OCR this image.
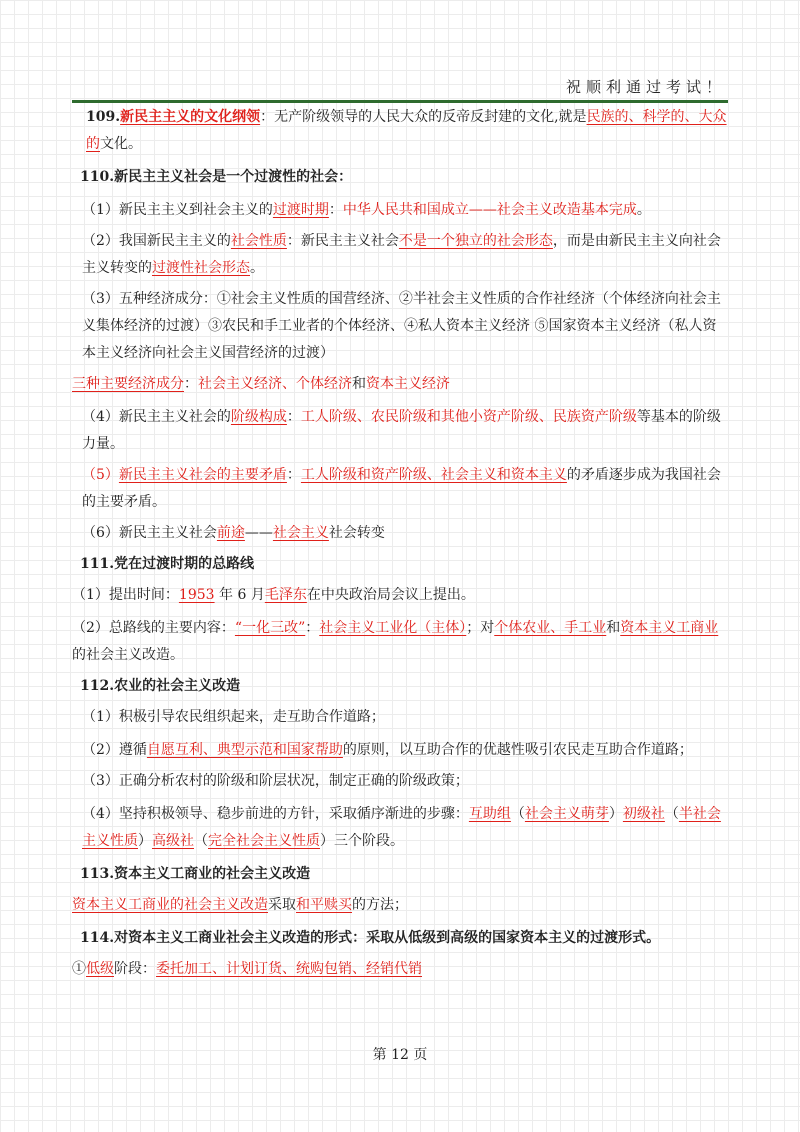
祝顺利通过考试！
109.新民主主义的文化纲领：无产阶级领导的人民大众的反帝反封建的文化,就是民族的、科学的、大众的文化。
110.新民主主义社会是一个过渡性的社会：
（1）新民主主义到社会主义的过渡时期：中华人民共和国成立——社会主义改造基本完成。
（2）我国新民主主义的社会性质：新民主主义社会不是一个独立的社会形态，而是由新民主主义向社会主义转变的过渡性社会形态。
（3）五种经济成分：①社会主义性质的国营经济、②半社会主义性质的合作社经济（个体经济向社会主义集体经济的过渡）③农民和手工业者的个体经济、④私人资本主义经济 ⑤国家资本主义经济（私人资本主义经济向社会主义国营经济的过渡）
三种主要经济成分：社会主义经济、个体经济和资本主义经济
（4）新民主主义社会的阶级构成：工人阶级、农民阶级和其他小资产阶级、民族资产阶级等基本的阶级力量。
（5）新民主主义社会的主要矛盾：工人阶级和资产阶级、社会主义和资本主义的矛盾逐步成为我国社会的主要矛盾。
（6）新民主主义社会前途——社会主义社会转变
111.党在过渡时期的总路线
（1）提出时间：1953 年 6 月毛泽东在中央政治局会议上提出。
（2）总路线的主要内容：“一化三改”：社会主义工业化（主体）；对个体农业、手工业和资本主义工商业的社会主义改造。
112.农业的社会主义改造
（1）积极引导农民组织起来，走互助合作道路；
（2）遵循自愿互利、典型示范和国家帮助的原则，以互助合作的优越性吸引农民走互助合作道路；
（3）正确分析农村的阶级和阶层状况，制定正确的阶级政策；
（4）坚持积极领导、稳步前进的方针，采取循序渐进的步骤：互助组（社会主义萌芽）初级社（半社会主义性质）高级社（完全社会主义性质）三个阶段。
113.资本主义工商业的社会主义改造
资本主义工商业的社会主义改造采取和平赎买的方法；
114.对资本主义工商业社会主义改造的形式：采取从低级到高级的国家资本主义的过渡形式。
①低级阶段：委托加工、计划订货、统购包销、经销代销
第 12 页
